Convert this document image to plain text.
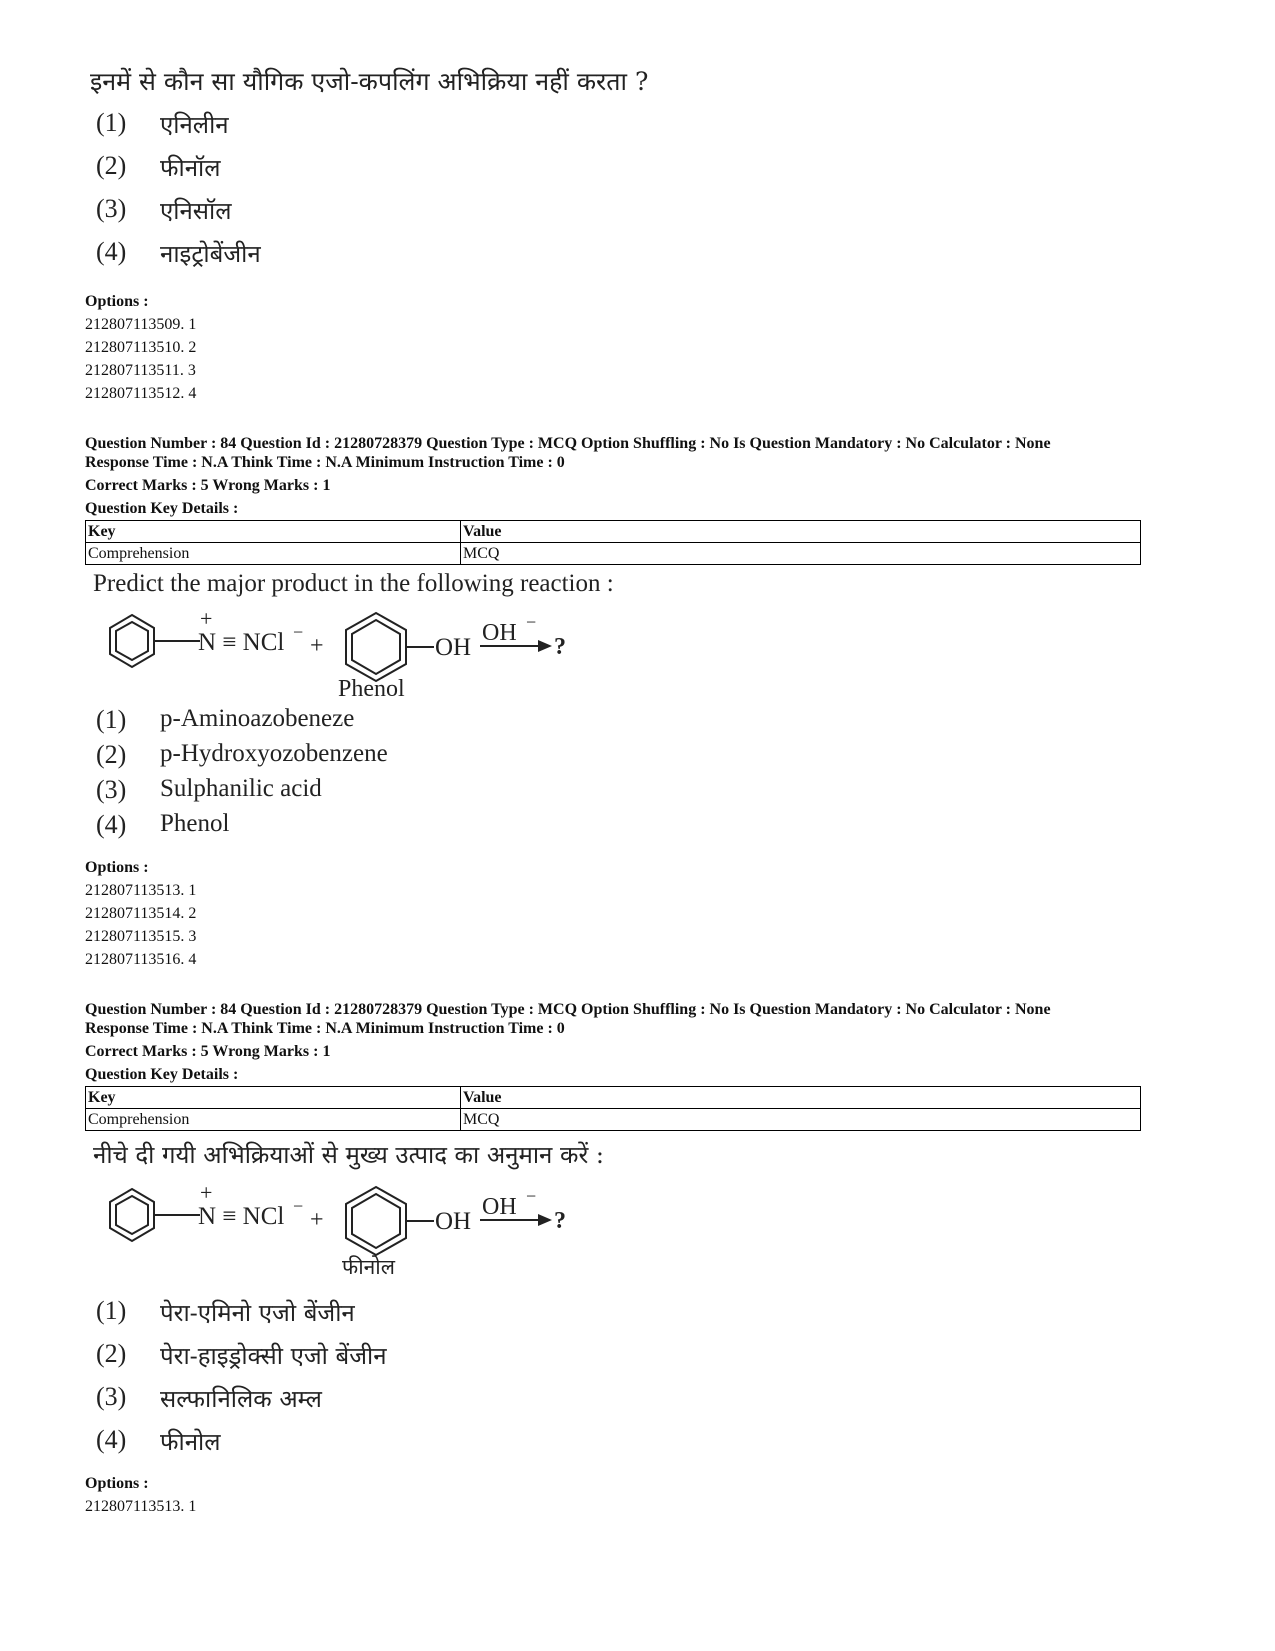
इनमें से कौन सा यौगिक एजो-कपलिंग अभिक्रिया नहीं करता ?
(1) एनिलीन
(2) फीनॉल
(3) एनिसॉल
(4) नाइट्रोबेंजीन
Options :
212807113509. 1
212807113510. 2
212807113511. 3
212807113512. 4
Question Number : 84 Question Id : 21280728379 Question Type : MCQ Option Shuffling : No Is Question Mandatory : No Calculator : None
Response Time : N.A Think Time : N.A Minimum Instruction Time : 0
Correct Marks : 5 Wrong Marks : 1
Question Key Details :
Key	Value
Comprehension	MCQ
Predict the major product in the following reaction :
+
N ≡ NCl −
+	OH
OH −
?
Phenol
(1) p-Aminoazobeneze
(2) p-Hydroxyozobenzene
(3) Sulphanilic acid
(4) Phenol
Options :
212807113513. 1
212807113514. 2
212807113515. 3
212807113516. 4
Question Number : 84 Question Id : 21280728379 Question Type : MCQ Option Shuffling : No Is Question Mandatory : No Calculator : None
Response Time : N.A Think Time : N.A Minimum Instruction Time : 0
Correct Marks : 5 Wrong Marks : 1
Question Key Details :
Key	Value
Comprehension	MCQ
नीचे दी गयी अभिक्रियाओं से मुख्य उत्पाद का अनुमान करें :
+
N ≡ NCl −
+	OH
OH −
?
फीनोल
(1) पेरा-एमिनो एजो बेंजीन
(2) पेरा-हाइड्रोक्सी एजो बेंजीन
(3) सल्फानिलिक अम्ल
(4) फीनोल
Options :
212807113513. 1
